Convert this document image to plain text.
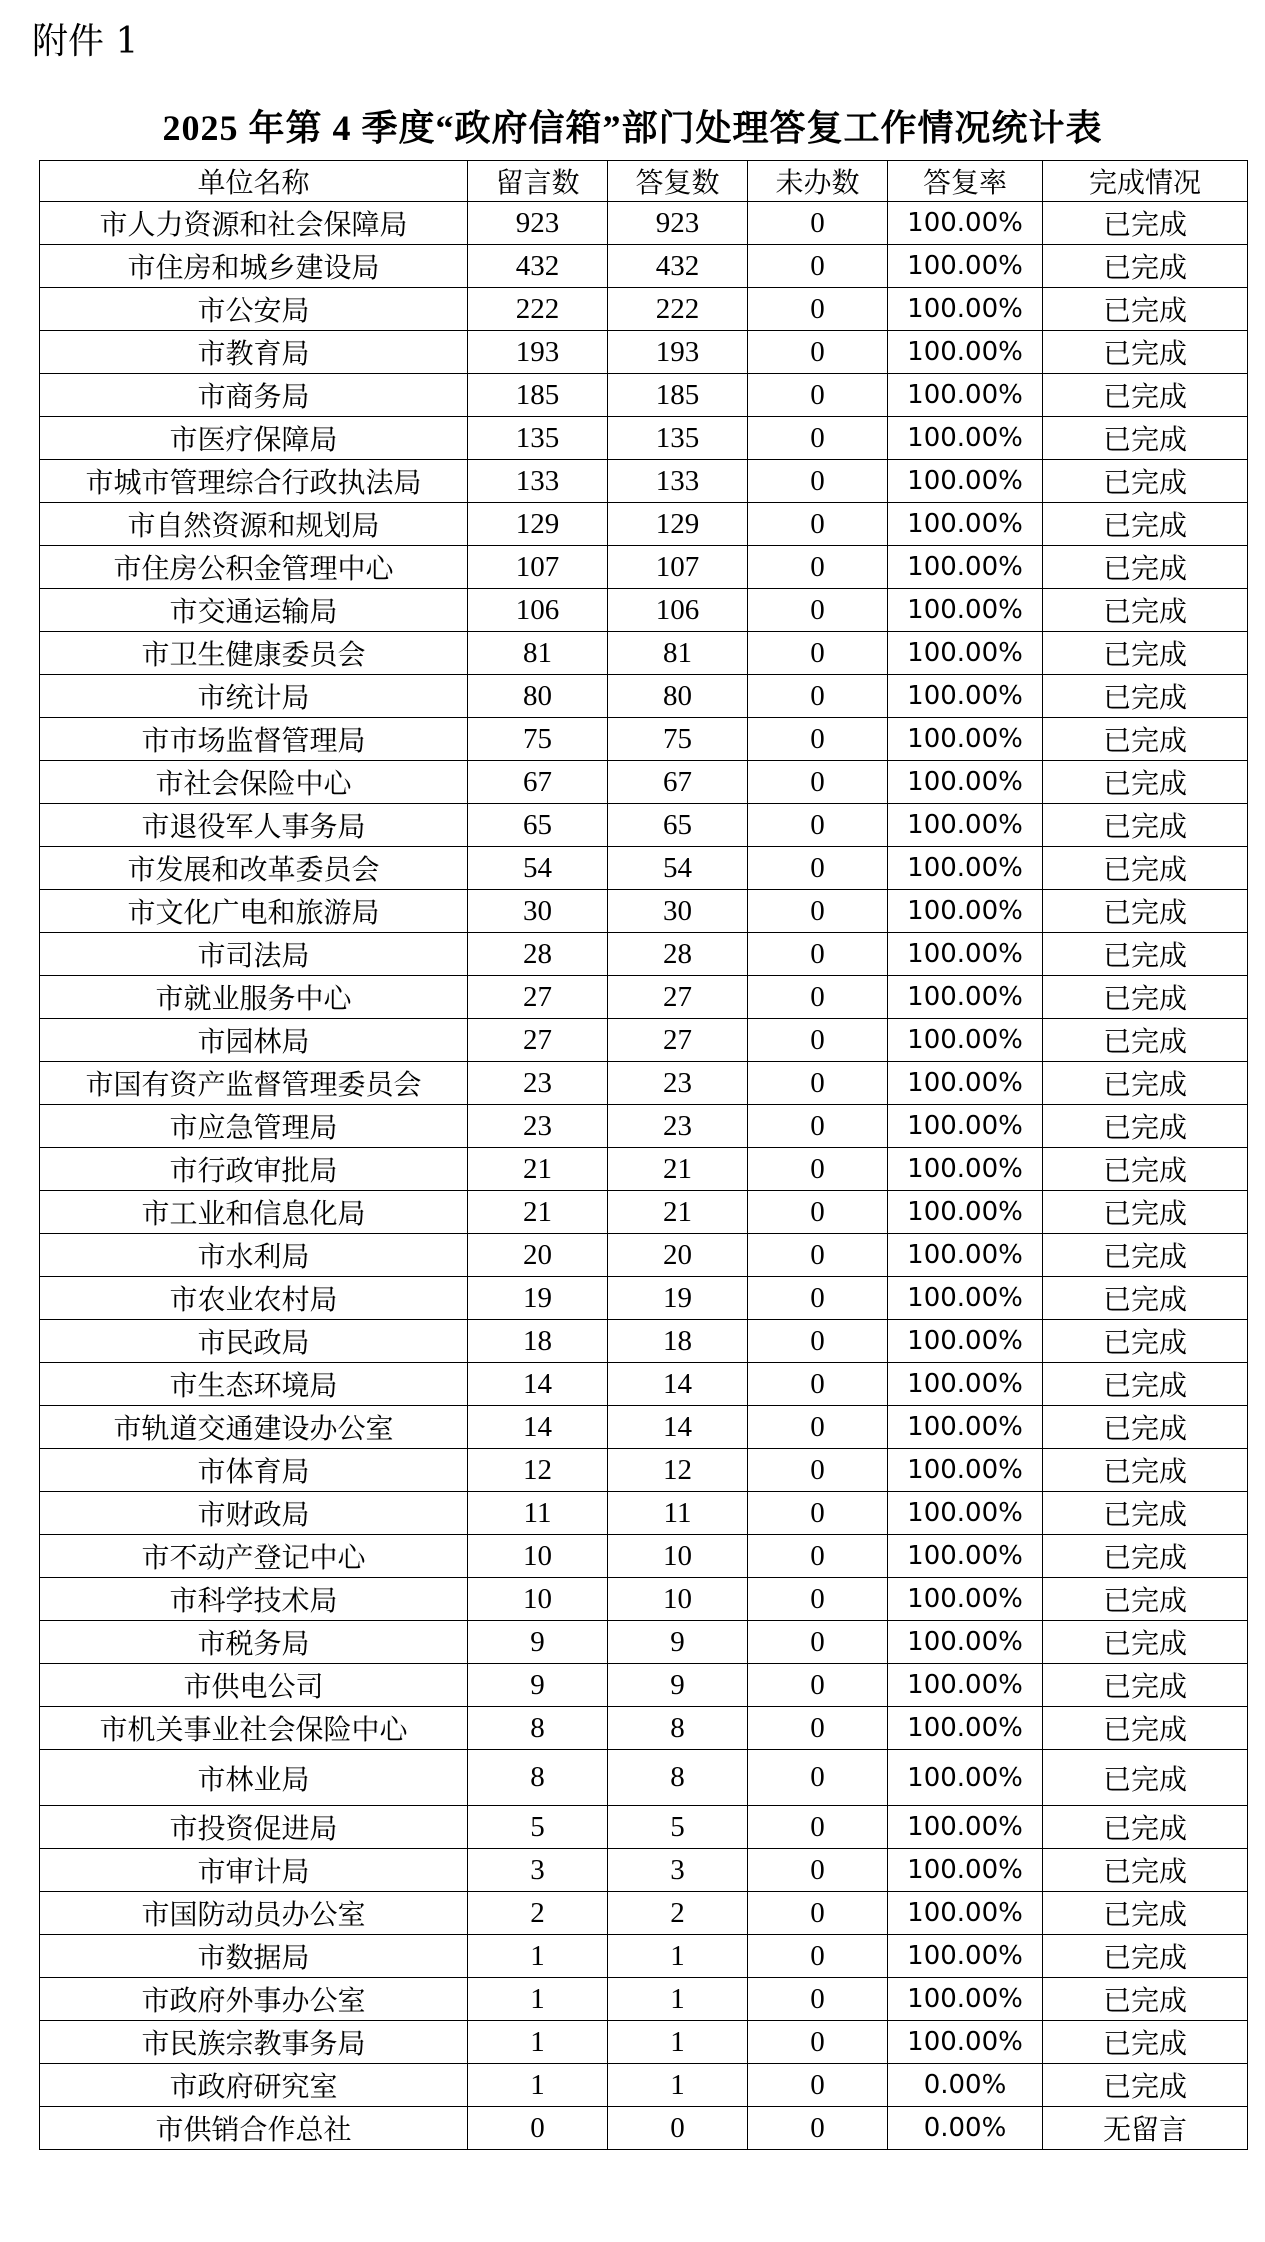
附件 1
2025 年第 4 季度“政府信箱”部门处理答复工作情况统计表
单位名称	留言数	答复数	未办数	答复率	完成情况
市人力资源和社会保障局	923	923	0	100.00%	已完成
市住房和城乡建设局	432	432	0	100.00%	已完成
市公安局	222	222	0	100.00%	已完成
市教育局	193	193	0	100.00%	已完成
市商务局	185	185	0	100.00%	已完成
市医疗保障局	135	135	0	100.00%	已完成
市城市管理综合行政执法局	133	133	0	100.00%	已完成
市自然资源和规划局	129	129	0	100.00%	已完成
市住房公积金管理中心	107	107	0	100.00%	已完成
市交通运输局	106	106	0	100.00%	已完成
市卫生健康委员会	81	81	0	100.00%	已完成
市统计局	80	80	0	100.00%	已完成
市市场监督管理局	75	75	0	100.00%	已完成
市社会保险中心	67	67	0	100.00%	已完成
市退役军人事务局	65	65	0	100.00%	已完成
市发展和改革委员会	54	54	0	100.00%	已完成
市文化广电和旅游局	30	30	0	100.00%	已完成
市司法局	28	28	0	100.00%	已完成
市就业服务中心	27	27	0	100.00%	已完成
市园林局	27	27	0	100.00%	已完成
市国有资产监督管理委员会	23	23	0	100.00%	已完成
市应急管理局	23	23	0	100.00%	已完成
市行政审批局	21	21	0	100.00%	已完成
市工业和信息化局	21	21	0	100.00%	已完成
市水利局	20	20	0	100.00%	已完成
市农业农村局	19	19	0	100.00%	已完成
市民政局	18	18	0	100.00%	已完成
市生态环境局	14	14	0	100.00%	已完成
市轨道交通建设办公室	14	14	0	100.00%	已完成
市体育局	12	12	0	100.00%	已完成
市财政局	11	11	0	100.00%	已完成
市不动产登记中心	10	10	0	100.00%	已完成
市科学技术局	10	10	0	100.00%	已完成
市税务局	9	9	0	100.00%	已完成
市供电公司	9	9	0	100.00%	已完成
市机关事业社会保险中心	8	8	0	100.00%	已完成
市林业局	8	8	0	100.00%	已完成
市投资促进局	5	5	0	100.00%	已完成
市审计局	3	3	0	100.00%	已完成
市国防动员办公室	2	2	0	100.00%	已完成
市数据局	1	1	0	100.00%	已完成
市政府外事办公室	1	1	0	100.00%	已完成
市民族宗教事务局	1	1	0	100.00%	已完成
市政府研究室	1	1	0	0.00%	已完成
市供销合作总社	0	0	0	0.00%	无留言
